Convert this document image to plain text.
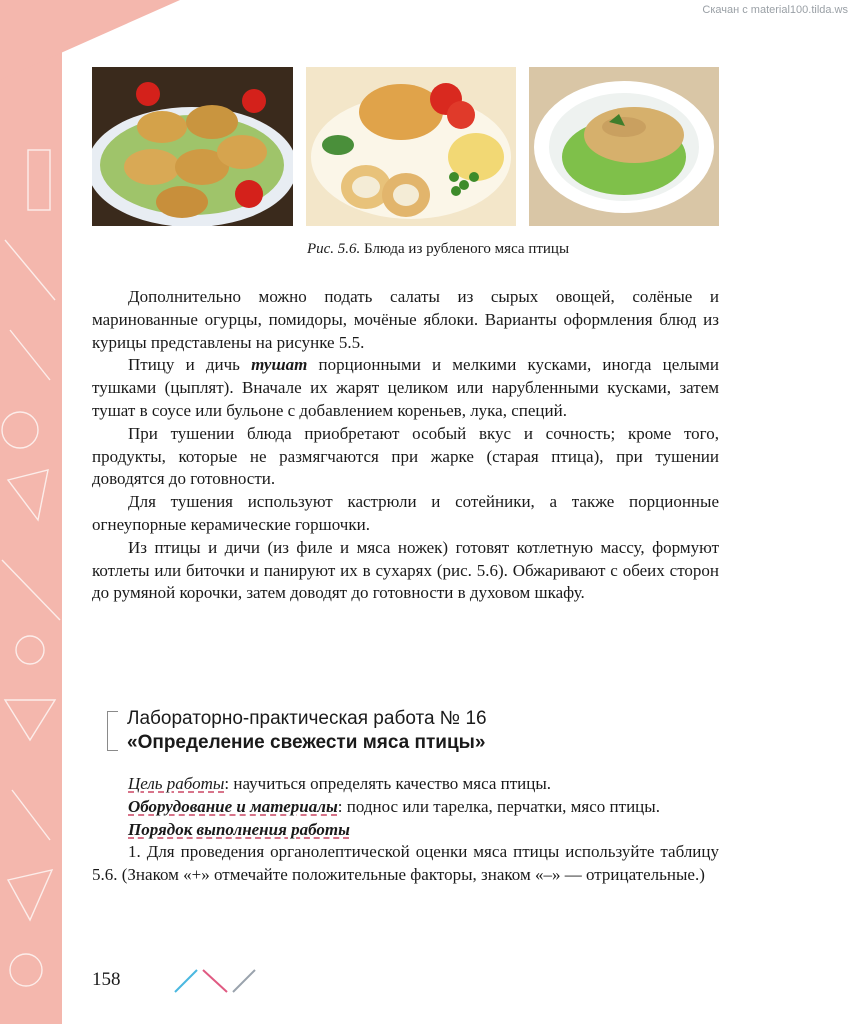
Скачан с material100.tilda.ws
Рис. 5.6. Блюда из рубленого мяса птицы

Дополнительно можно подать салаты из сырых овощей, солёные и маринованные огурцы, помидоры, мочёные яблоки. Варианты оформления блюд из курицы представлены на рисунке 5.5.

Птицу и дичь тушат порционными и мелкими кусками, иногда целыми тушками (цыплят). Вначале их жарят целиком или нарубленными кусками, затем тушат в соусе или бульоне с добавлением кореньев, лука, специй.

При тушении блюда приобретают особый вкус и сочность; кроме того, продукты, которые не размягчаются при жарке (старая птица), при тушении доводятся до готовности.

Для тушения используют кастрюли и сотейники, а также порционные огнеупорные керамические горшочки.

Из птицы и дичи (из филе и мяса ножек) готовят котлетную массу, формуют котлеты или биточки и панируют их в сухарях (рис. 5.6). Обжаривают с обеих сторон до румяной корочки, затем доводят до готовности в духовом шкафу.

Лабораторно-практическая работа № 16
«Определение свежести мяса птицы»

Цель работы: научиться определять качество мяса птицы.

Оборудование и материалы: поднос или тарелка, перчатки, мясо птицы.

Порядок выполнения работы

1. Для проведения органолептической оценки мяса птицы используйте таблицу 5.6. (Знаком «+» отмечайте положительные факторы, знаком «–» — отрицательные.)

158
